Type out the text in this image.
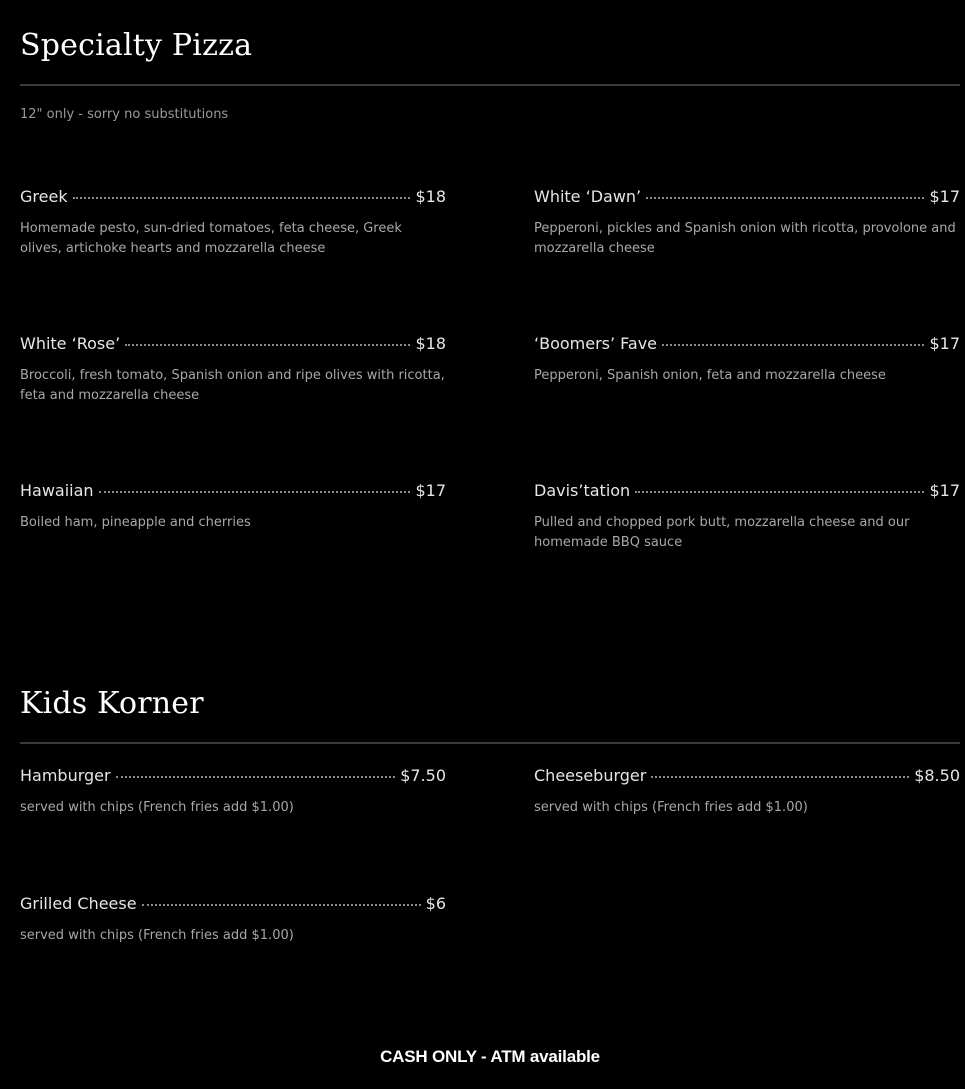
Specialty Pizza
12" only - sorry no substitutions
Greek	$18
Homemade pesto, sun-dried tomatoes, feta cheese, Greek olives, artichoke hearts and mozzarella cheese
White ‘Dawn’	$17
Pepperoni, pickles and Spanish onion with ricotta, provolone and mozzarella cheese
White ‘Rose’	$18
Broccoli, fresh tomato, Spanish onion and ripe olives with ricotta, feta and mozzarella cheese
‘Boomers’ Fave	$17
Pepperoni, Spanish onion, feta and mozzarella cheese
Hawaiian	$17
Boiled ham, pineapple and cherries
Davis’tation	$17
Pulled and chopped pork butt, mozzarella cheese and our homemade BBQ sauce
Kids Korner
Hamburger	$7.50
served with chips (French fries add $1.00)
Cheeseburger	$8.50
served with chips (French fries add $1.00)
Grilled Cheese	$6
served with chips (French fries add $1.00)
CASH ONLY - ATM available
